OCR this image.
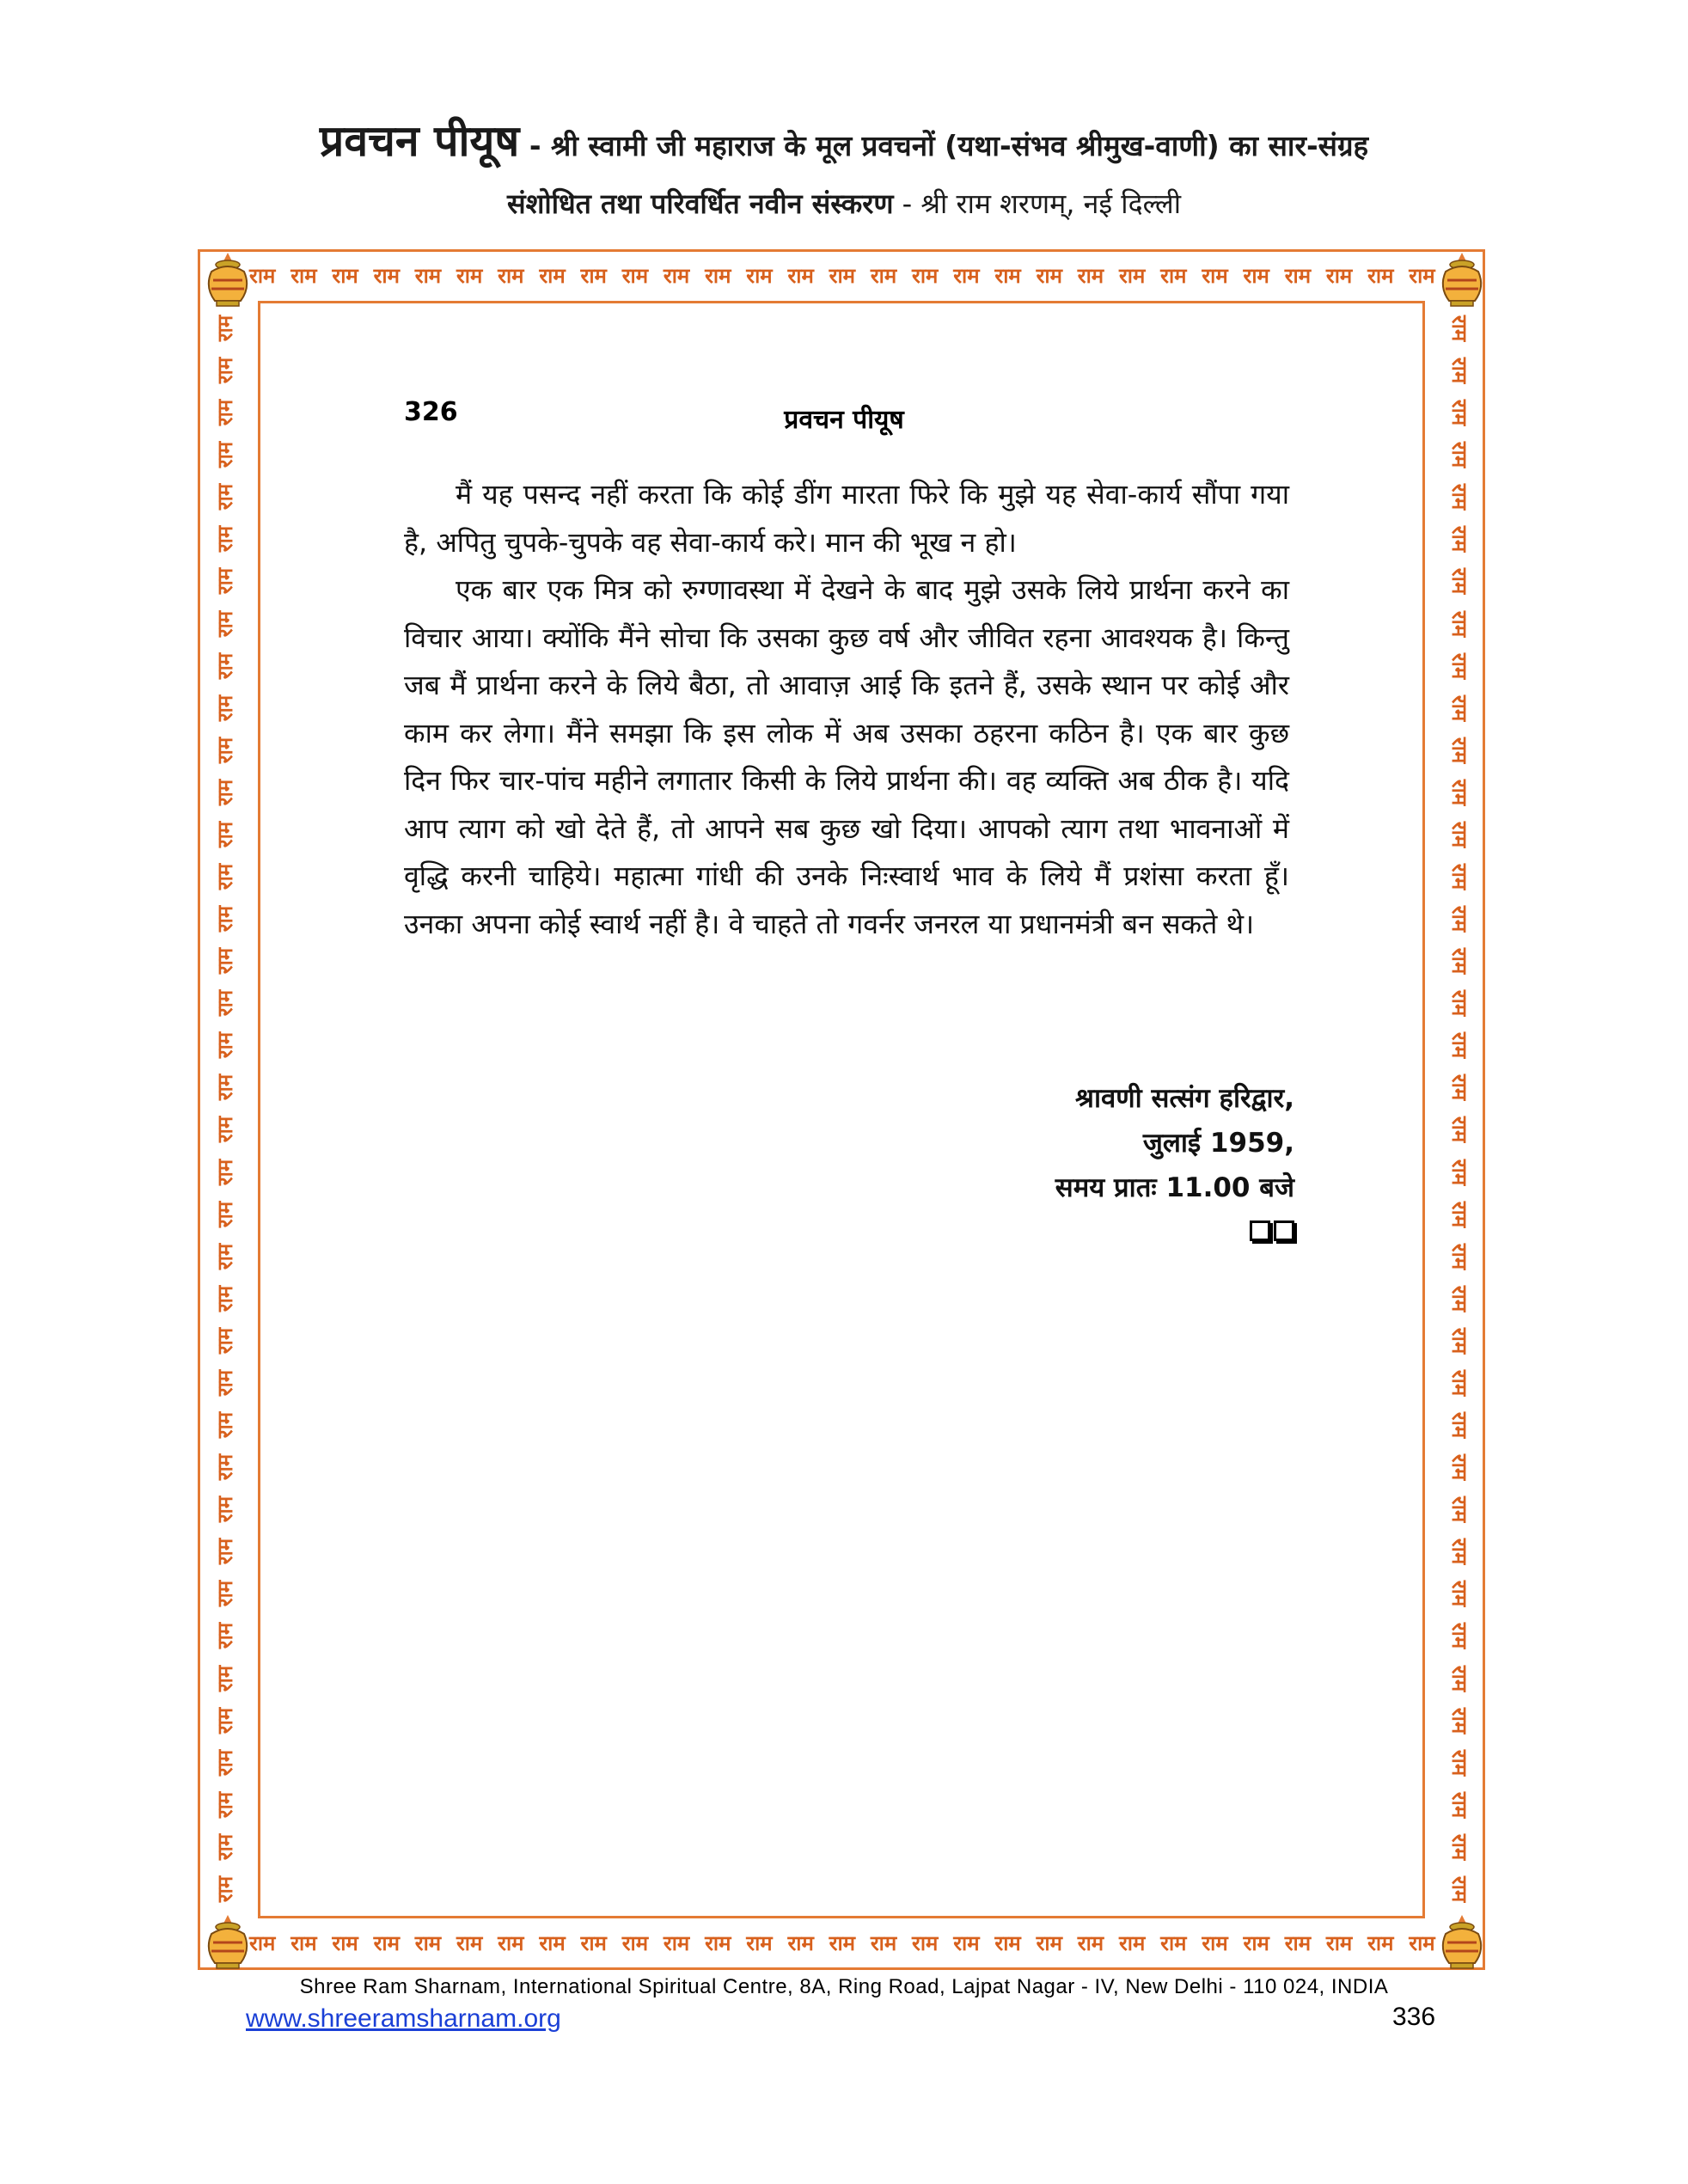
प्रवचन पीयूष - श्री स्वामी जी महाराज के मूल प्रवचनों (यथा-संभव श्रीमुख-वाणी) का सार-संग्रह
संशोधित तथा परिवर्धित नवीन संस्करण - श्री राम शरणम्, नई दिल्ली
राम राम राम राम राम राम राम राम राम राम राम राम राम राम राम राम राम राम राम राम राम राम राम राम राम राम राम राम राम
राम राम राम राम राम राम राम राम राम राम राम राम राम राम राम राम राम राम राम राम राम राम राम राम राम राम राम राम राम
राम
राम
राम
राम
राम
राम
राम
राम
राम
राम
राम
राम
राम
राम
राम
राम
राम
राम
राम
राम
राम
राम
राम
राम
राम
राम
राम
राम
राम
राम
राम
राम
राम
राम
राम
राम
राम
राम
राम
राम
राम
राम
राम
राम
राम
राम
राम
राम
राम
राम
राम
राम
राम
राम
राम
राम
राम
राम
राम
राम
राम
राम
राम
राम
राम
राम
राम
राम
राम
राम
राम
राम
राम
राम
राम
राम
326	प्रवचन पीयूष

मैं यह पसन्द नहीं करता कि कोई डींग मारता फिरे कि मुझे यह सेवा-कार्य सौंपा गया है, अपितु चुपके-चुपके वह सेवा-कार्य करे। मान की भूख न हो।

एक बार एक मित्र को रुग्णावस्था में देखने के बाद मुझे उसके लिये प्रार्थना करने का विचार आया। क्योंकि मैंने सोचा कि उसका कुछ वर्ष और जीवित रहना आवश्यक है। किन्तु जब मैं प्रार्थना करने के लिये बैठा, तो आवाज़ आई कि इतने हैं, उसके स्थान पर कोई और काम कर लेगा। मैंने समझा कि इस लोक में अब उसका ठहरना कठिन है। एक बार कुछ दिन फिर चार-पांच महीने लगातार किसी के लिये प्रार्थना की। वह व्यक्ति अब ठीक है। यदि आप त्याग को खो देते हैं, तो आपने सब कुछ खो दिया। आपको त्याग तथा भावनाओं में वृद्धि करनी चाहिये। महात्मा गांधी की उनके निःस्वार्थ भाव के लिये मैं प्रशंसा करता हूँ। उनका अपना कोई स्वार्थ नहीं है। वे चाहते तो गवर्नर जनरल या प्रधानमंत्री बन सकते थे।

श्रावणी सत्संग हरिद्वार,
जुलाई 1959,
समय प्रातः 11.00 बजे
Shree Ram Sharnam, International Spiritual Centre, 8A, Ring Road, Lajpat Nagar - IV, New Delhi - 110 024, INDIA
www.shreeramsharnam.org	336
